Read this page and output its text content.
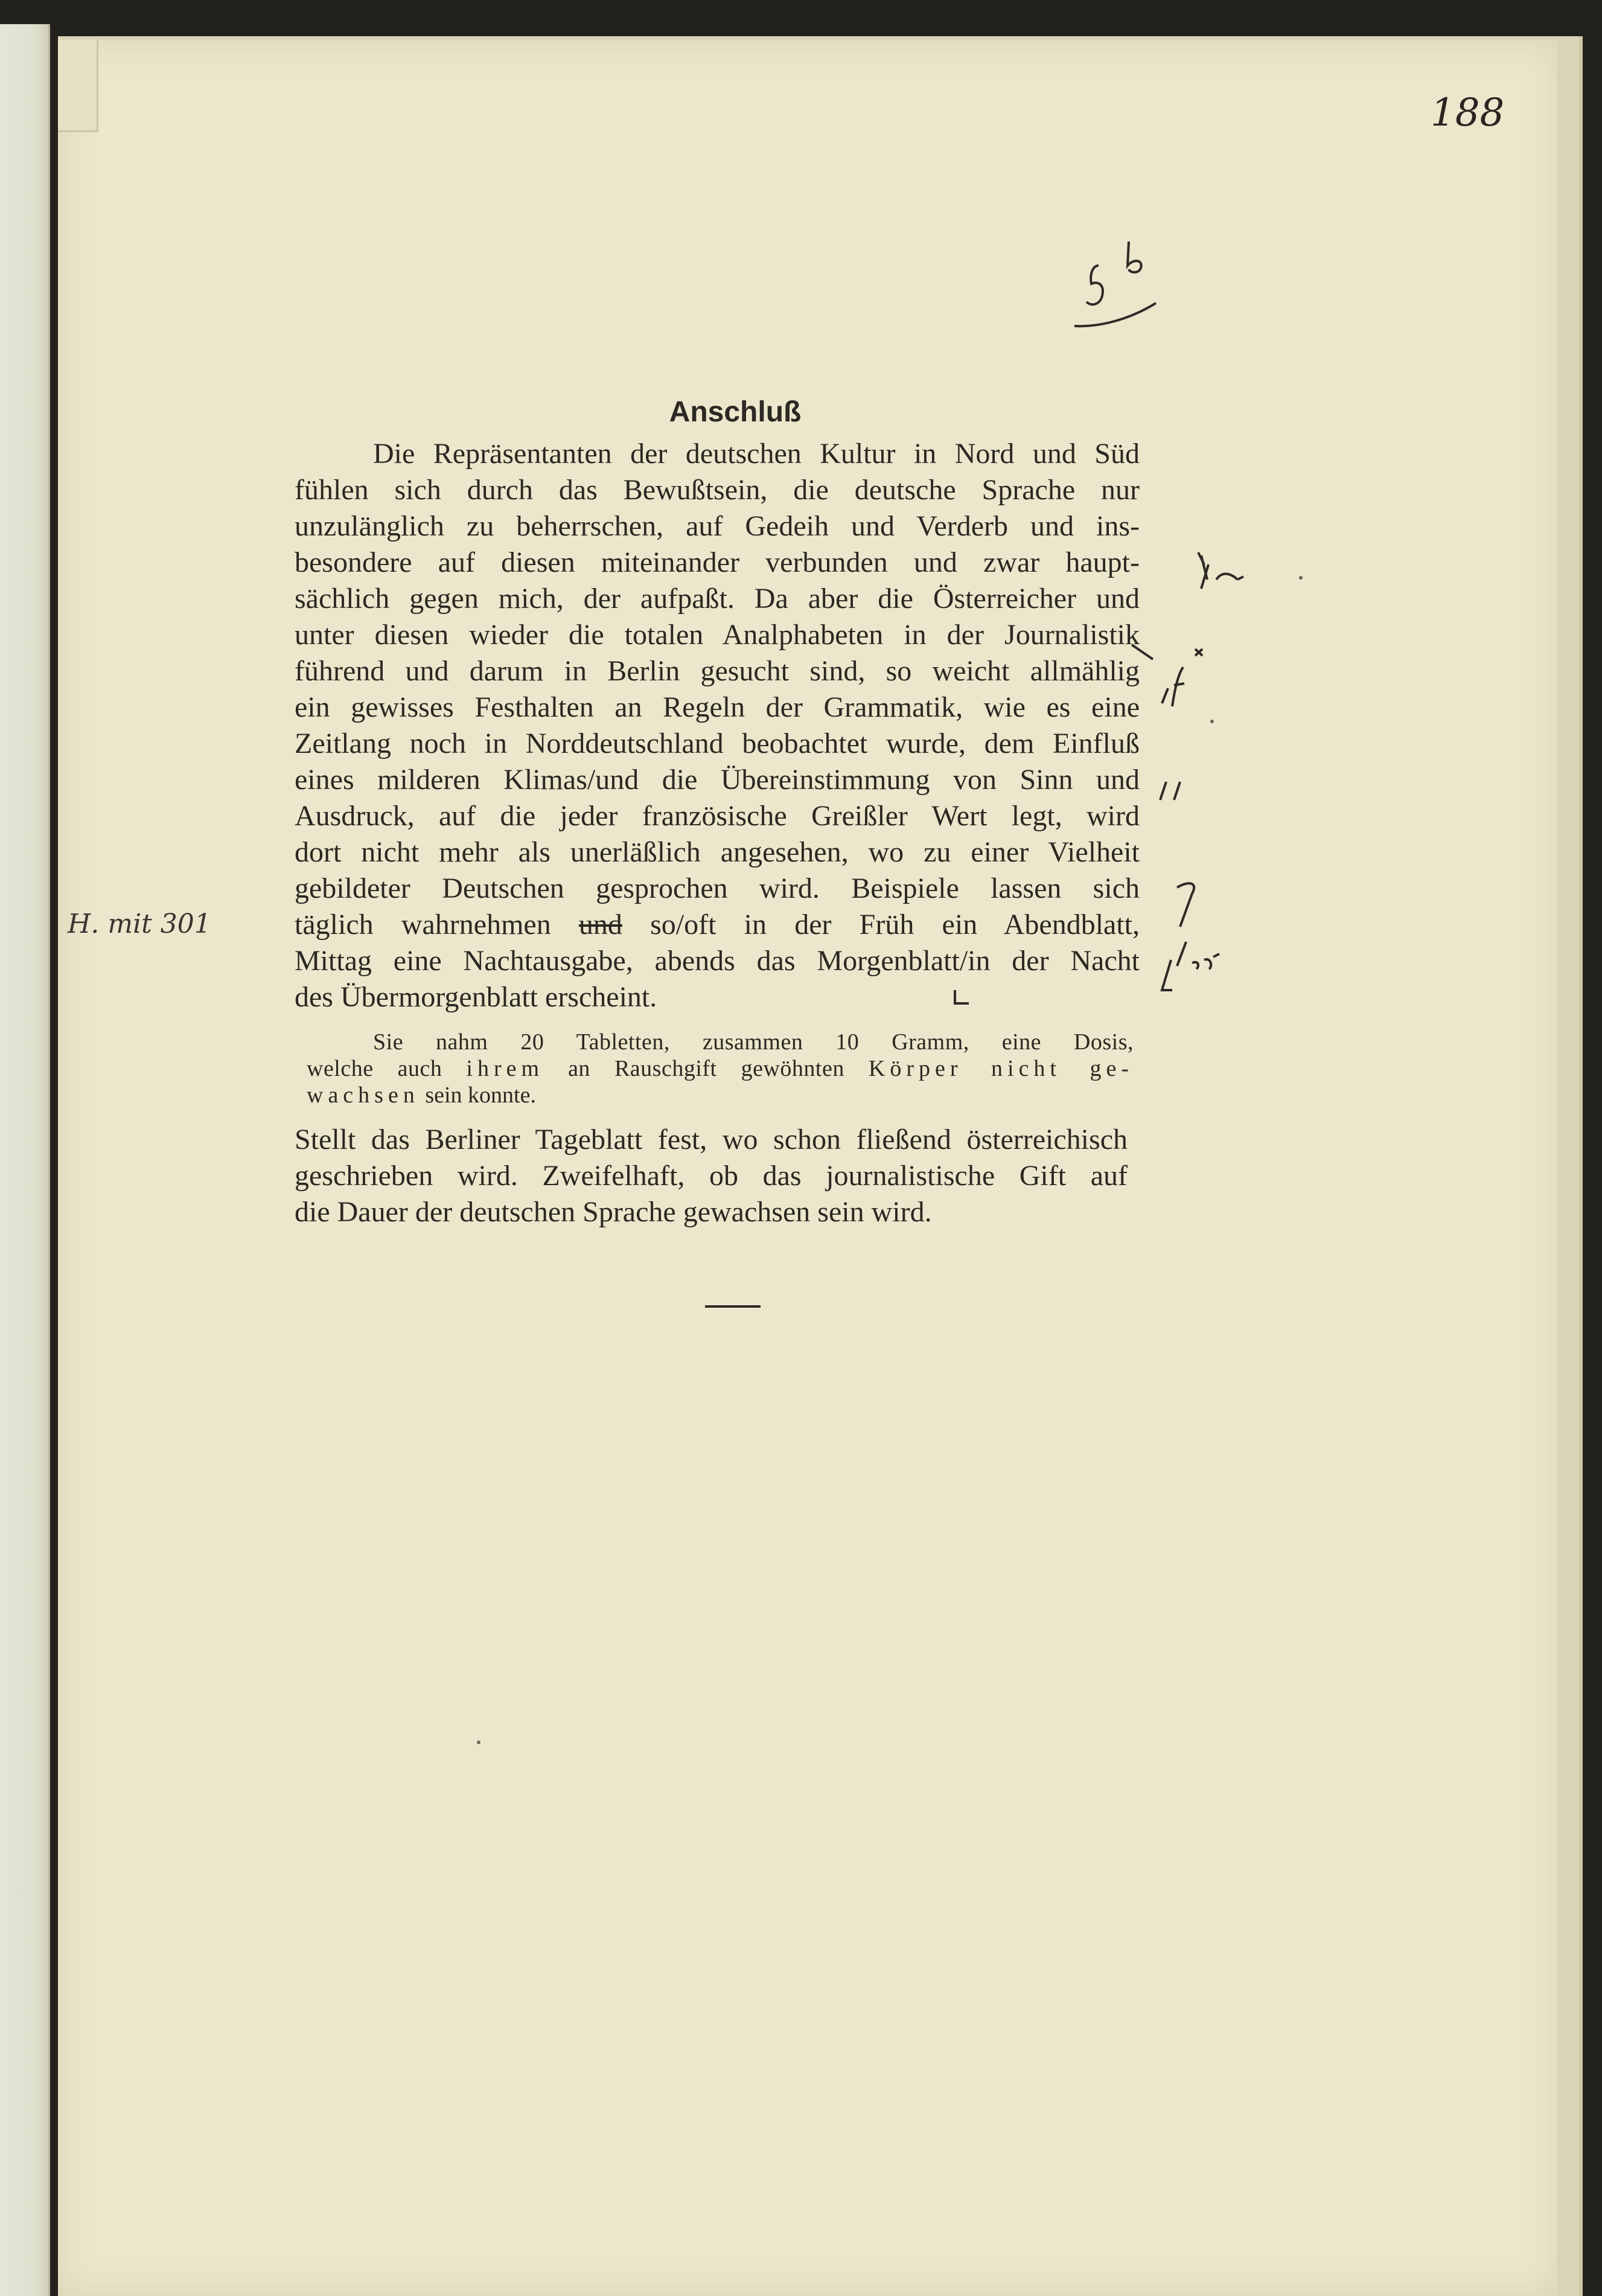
188
Anschluß
Die Repräsentanten der deutschen Kultur in Nord und Süd
fühlen sich durch das Bewußtsein, die deutsche Sprache nur
unzulänglich zu beherrschen, auf Gedeih und Verderb und ins-
besondere auf diesen miteinander verbunden und zwar haupt-
sächlich gegen mich, der aufpaßt. Da aber die Österreicher und
unter diesen wieder die totalen Analphabeten in der Journalistik
führend und darum in Berlin gesucht sind, so weicht allmählig
ein gewisses Festhalten an Regeln der Grammatik, wie es eine
Zeitlang noch in Norddeutschland beobachtet wurde, dem Einfluß
eines milderen Klimas/und die Übereinstimmung von Sinn und
Ausdruck, auf die jeder französische Greißler Wert legt, wird
dort nicht mehr als unerläßlich angesehen, wo zu einer Vielheit
gebildeter Deutschen gesprochen wird. Beispiele lassen sich
täglich wahrnehmen und so/oft in der Früh ein Abendblatt,
Mittag eine Nachtausgabe, abends das Morgenblatt/in der Nacht
des Übermorgenblatt erscheint.
Sie nahm 20 Tabletten, zusammen 10 Gramm, eine Dosis,
welche auch ihrem an Rauschgift gewöhnten Körper nicht ge-
wachsen sein konnte.
Stellt das Berliner Tageblatt fest, wo schon fließend österreichisch
geschrieben wird. Zweifelhaft, ob das journalistische Gift auf
die Dauer der deutschen Sprache gewachsen sein wird.
H. mit 301
